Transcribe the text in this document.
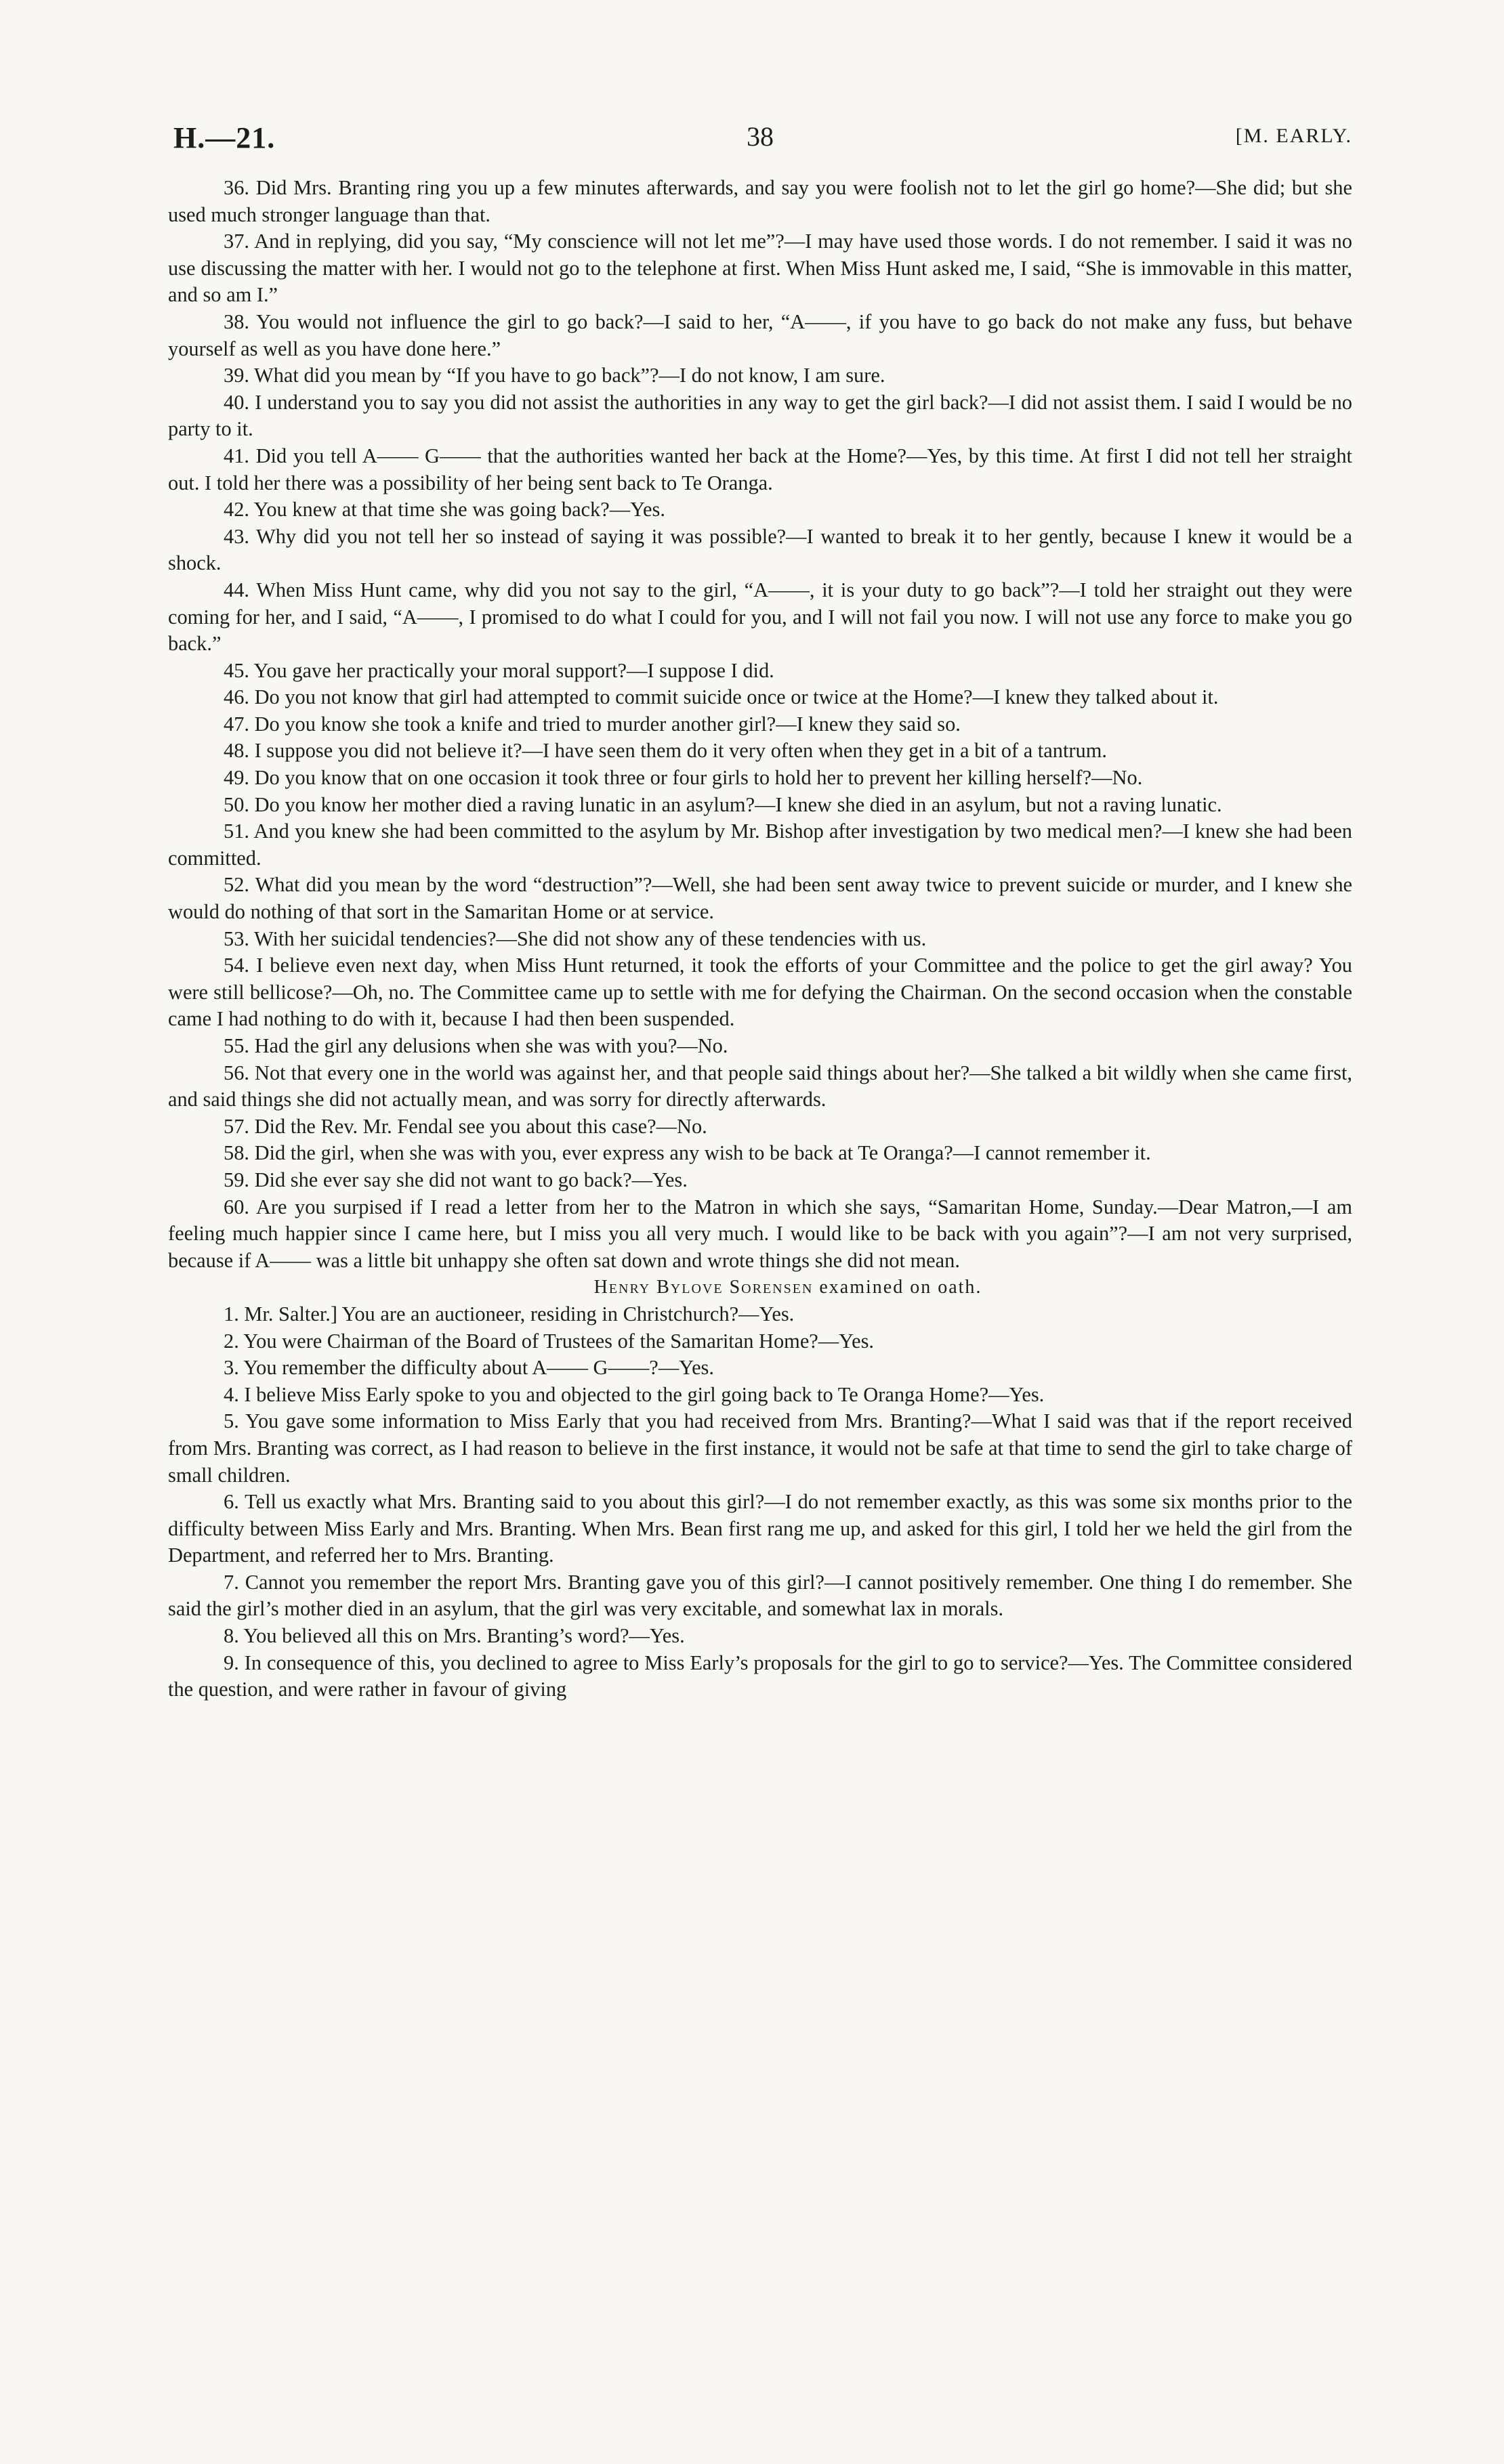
H.—21.	38	[M. EARLY.

36. Did Mrs. Branting ring you up a few minutes afterwards, and say you were foolish not to let the girl go home?—She did; but she used much stronger language than that.

37. And in replying, did you say, “My conscience will not let me”?—I may have used those words. I do not remember. I said it was no use discussing the matter with her. I would not go to the telephone at first. When Miss Hunt asked me, I said, “She is immovable in this matter, and so am I.”

38. You would not influence the girl to go back?—I said to her, “A——, if you have to go back do not make any fuss, but behave yourself as well as you have done here.”

39. What did you mean by “If you have to go back”?—I do not know, I am sure.

40. I understand you to say you did not assist the authorities in any way to get the girl back?—I did not assist them. I said I would be no party to it.

41. Did you tell A—— G—— that the authorities wanted her back at the Home?—Yes, by this time. At first I did not tell her straight out. I told her there was a possibility of her being sent back to Te Oranga.

42. You knew at that time she was going back?—Yes.

43. Why did you not tell her so instead of saying it was possible?—I wanted to break it to her gently, because I knew it would be a shock.

44. When Miss Hunt came, why did you not say to the girl, “A——, it is your duty to go back”?—I told her straight out they were coming for her, and I said, “A——, I promised to do what I could for you, and I will not fail you now. I will not use any force to make you go back.”

45. You gave her practically your moral support?—I suppose I did.

46. Do you not know that girl had attempted to commit suicide once or twice at the Home?—I knew they talked about it.

47. Do you know she took a knife and tried to murder another girl?—I knew they said so.

48. I suppose you did not believe it?—I have seen them do it very often when they get in a bit of a tantrum.

49. Do you know that on one occasion it took three or four girls to hold her to prevent her killing herself?—No.

50. Do you know her mother died a raving lunatic in an asylum?—I knew she died in an asylum, but not a raving lunatic.

51. And you knew she had been committed to the asylum by Mr. Bishop after investigation by two medical men?—I knew she had been committed.

52. What did you mean by the word “destruction”?—Well, she had been sent away twice to prevent suicide or murder, and I knew she would do nothing of that sort in the Samaritan Home or at service.

53. With her suicidal tendencies?—She did not show any of these tendencies with us.

54. I believe even next day, when Miss Hunt returned, it took the efforts of your Committee and the police to get the girl away? You were still bellicose?—Oh, no. The Committee came up to settle with me for defying the Chairman. On the second occasion when the constable came I had nothing to do with it, because I had then been suspended.

55. Had the girl any delusions when she was with you?—No.

56. Not that every one in the world was against her, and that people said things about her?—She talked a bit wildly when she came first, and said things she did not actually mean, and was sorry for directly afterwards.

57. Did the Rev. Mr. Fendal see you about this case?—No.

58. Did the girl, when she was with you, ever express any wish to be back at Te Oranga?—I cannot remember it.

59. Did she ever say she did not want to go back?—Yes.

60. Are you surpised if I read a letter from her to the Matron in which she says, “Samaritan Home, Sunday.—Dear Matron,—I am feeling much happier since I came here, but I miss you all very much. I would like to be back with you again”?—I am not very surprised, because if A—— was a little bit unhappy she often sat down and wrote things she did not mean.

Henry Bylove Sorensen examined on oath.

1. Mr. Salter.] You are an auctioneer, residing in Christchurch?—Yes.

2. You were Chairman of the Board of Trustees of the Samaritan Home?—Yes.

3. You remember the difficulty about A—— G——?—Yes.

4. I believe Miss Early spoke to you and objected to the girl going back to Te Oranga Home?—Yes.

5. You gave some information to Miss Early that you had received from Mrs. Branting?—What I said was that if the report received from Mrs. Branting was correct, as I had reason to believe in the first instance, it would not be safe at that time to send the girl to take charge of small children.

6. Tell us exactly what Mrs. Branting said to you about this girl?—I do not remember exactly, as this was some six months prior to the difficulty between Miss Early and Mrs. Branting. When Mrs. Bean first rang me up, and asked for this girl, I told her we held the girl from the Department, and referred her to Mrs. Branting.

7. Cannot you remember the report Mrs. Branting gave you of this girl?—I cannot positively remember. One thing I do remember. She said the girl’s mother died in an asylum, that the girl was very excitable, and somewhat lax in morals.

8. You believed all this on Mrs. Branting’s word?—Yes.

9. In consequence of this, you declined to agree to Miss Early’s proposals for the girl to go to service?—Yes. The Committee considered the question, and were rather in favour of giving
